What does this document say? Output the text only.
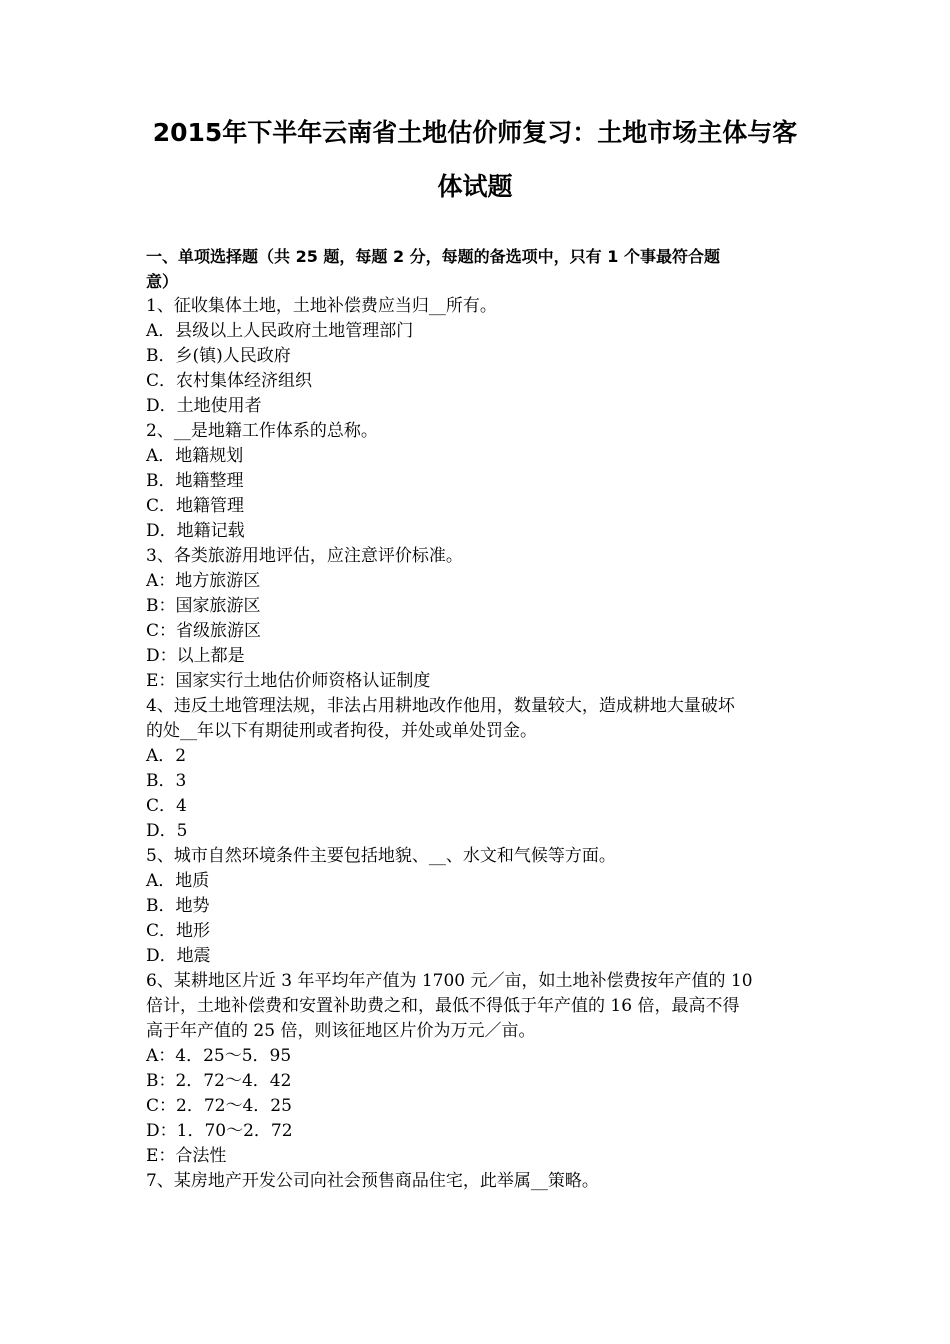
2015年下半年云南省土地估价师复习：土地市场主体与客
体试题
一、单项选择题（共 25 题，每题 2 分，每题的备选项中，只有 1 个事最符合题
意）
1、征收集体土地，土地补偿费应当归__所有。
A．县级以上人民政府土地管理部门
B．乡(镇)人民政府
C．农村集体经济组织
D．土地使用者
2、__是地籍工作体系的总称。
A．地籍规划
B．地籍整理
C．地籍管理
D．地籍记载
3、各类旅游用地评估，应注意评价标准。
A：地方旅游区
B：国家旅游区
C：省级旅游区
D：以上都是
E：国家实行土地估价师资格认证制度
4、违反土地管理法规，非法占用耕地改作他用，数量较大，造成耕地大量破坏
的处__年以下有期徒刑或者拘役，并处或单处罚金。
A．2
B．3
C．4
D．5
5、城市自然环境条件主要包括地貌、__、水文和气候等方面。
A．地质
B．地势
C．地形
D．地震
6、某耕地区片近 3 年平均年产值为 1700 元／亩，如土地补偿费按年产值的 10
倍计，土地补偿费和安置补助费之和，最低不得低于年产值的 16 倍，最高不得
高于年产值的 25 倍，则该征地区片价为万元／亩。
A：4．25～5．95
B：2．72～4．42
C：2．72～4．25
D：1．70～2．72
E：合法性
7、某房地产开发公司向社会预售商品住宅，此举属__策略。
